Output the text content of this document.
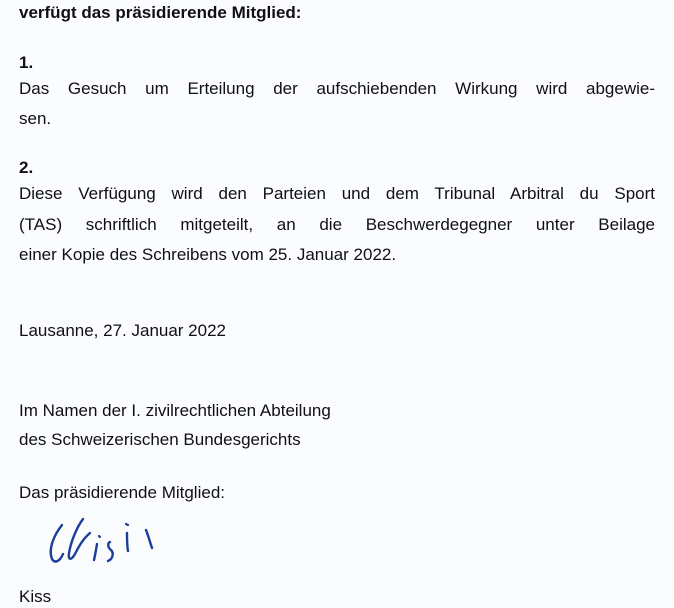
verfügt das präsidierende Mitglied:
1.
Das Gesuch um Erteilung der aufschiebenden Wirkung wird abgewie-
sen.
2.
Diese Verfügung wird den Parteien und dem Tribunal Arbitral du Sport
(TAS) schriftlich mitgeteilt, an die Beschwerdegegner unter Beilage
einer Kopie des Schreibens vom 25. Januar 2022.
Lausanne, 27. Januar 2022
Im Namen der I. zivilrechtlichen Abteilung
des Schweizerischen Bundesgerichts
Das präsidierende Mitglied:
Kiss
